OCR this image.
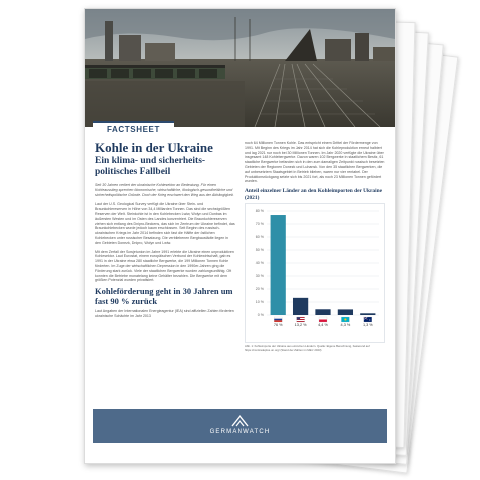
FACTSHEET
Kohle in der Ukraine
Ein klima- und sicherheits-politisches Fallbeil
Seit 30 Jahren verliert der ukrainische Kohlesektor an Bedeutung. Für einen Kohleausstieg sprechen ökonomische, wirtschaftliche, ökologisch-gesundheitliche und sicherheitspolitische Gründe. Doch der Krieg erschwert den Weg aus der Abhängigkeit.
Laut der U.S. Geological Survey verfügt die Ukraine über Stein- und Braunkohlereserven in Höhe von 34,4 Milliarden Tonnen. Das sind die sechstgrößten Reserven der Welt. Steinkohle ist in den Kohlebecken Lwiw, Wolyn und Donbas im äußersten Westen und im Osten des Landes konzentriert. Die Braunkohlereserven ziehen sich entlang des Dnipro-Beckens, das sich im Zentrum der Ukraine befindet, das Braunkohlebecken wurde jedoch kaum erschlossen. Seit Beginn des russisch-ukrainischen Kriegs im Jahr 2014 befinden sich fast die Hälfte der östlichen Kohlebecken unter russischer Besatzung. Die verbliebenen Bergbaustädte liegen in den Gebieten Donezk, Dnipro, Wolyn und Lwiw.
Mit dem Zerfall der Sowjetunion im Jahre 1991 erlebte die Ukraine einen unproduktiven Kohlesektor. Laut Eurostat, einem europäischen Verbund der Kohlewirtschaft, gab es 1991 in der Ukraine etwa 280 staatliche Bergwerke, die 199 Millionen Tonnen Kohle förderten. Im Zuge der wirtschaftlichen Depression in den 1990er-Jahren ging die Förderung stark zurück. Viele der staatlichen Bergwerke wurden zahlungsunfähig. Oft konnten die Betriebe monatelang keine Gehälter bezahlen. Die Bergwerke mit dem größten Potenzial wurden privatisiert.
Kohleförderung geht in 30 Jahren um fast 90 % zurück
Laut Angaben der Internationalen Energieagentur (IEA) sind affiziellen Zahlen förderten ukrainische Schächte im Jahr 2013
noch 64 Millionen Tonnen Kohle. Das entspricht einem Drittel der Fördermenge von 1991. Mit Beginn des Kriegs im Jahr 2014 hat sich die Kohleproduktion erneut halbiert und lag 2021 nur noch bei 30 Millionen Tonnen. Im Jahr 2020 verfügte die Ukraine über insgesamt 148 Kohlebergwerke. Davon waren 102 Bergwerke in staatlichem Besitz, 61 staatliche Bergwerke befanden sich in den zum damaligen Zeitpunkt russisch besetzten Gebieten der Regionen Donezk und Luhansk. Von den 35 staatlichen Bergwerken, die auf unbesetztem Staatsgebiet in Betrieb blieben, waren nur vier rentabel. Der Produktionsrückgang setzte sich bis 2021 fort, als noch 23 Millionen Tonnen gefördert wurden.
Anteil einzelner Länder an den Kohleimporten der Ukraine (2021)
0 %
10 %
20 %
30 %
40 %
50 %
60 %
70 %
80 %
76 %	13,2 %	4,4 %	4,3 %	1,3 %
Abb. 1: Kohleimporte der Ukraine aus einzelnen Ländern. Quelle: Eigene Berechnung, basierend auf https://comtradeplus.un.org/ (Stand der Zahlen im März 2023)
GERMANWATCH
